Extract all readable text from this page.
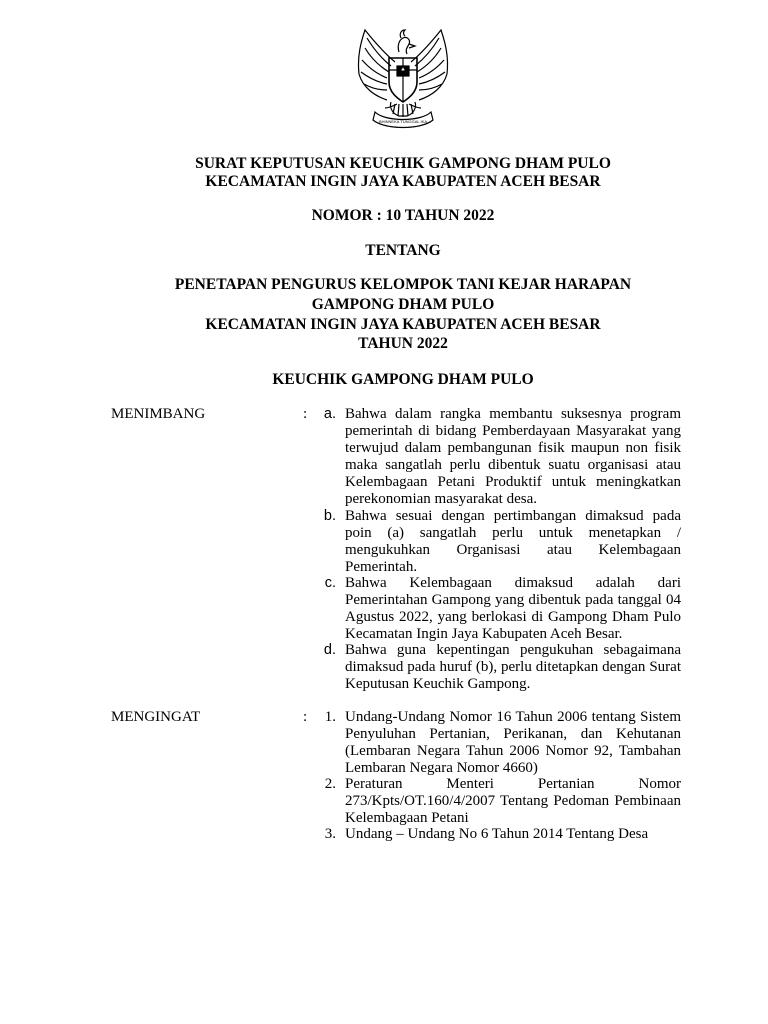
BHINNEKA TUNGGAL IKA
SURAT KEPUTUSAN KEUCHIK GAMPONG DHAM PULO
KECAMATAN INGIN JAYA KABUPATEN ACEH BESAR
NOMOR : 10 TAHUN 2022
TENTANG
PENETAPAN PENGURUS KELOMPOK TANI KEJAR HARAPAN
GAMPONG DHAM PULO
KECAMATAN INGIN JAYA KABUPATEN ACEH BESAR
TAHUN 2022
KEUCHIK GAMPONG DHAM PULO
MENIMBANG	: a. Bahwa dalam rangka membantu suksesnya program pemerintah di bidang Pemberdayaan Masyarakat yang terwujud dalam pembangunan fisik maupun non fisik maka sangatlah perlu dibentuk suatu organisasi atau Kelembagaan Petani Produktif untuk meningkatkan perekonomian masyarakat desa.
b. Bahwa sesuai dengan pertimbangan dimaksud pada poin (a) sangatlah perlu untuk menetapkan / mengukuhkan Organisasi atau Kelembagaan Pemerintah.
c. Bahwa Kelembagaan dimaksud adalah dari Pemerintahan Gampong yang dibentuk pada tanggal 04 Agustus 2022, yang berlokasi di Gampong Dham Pulo Kecamatan Ingin Jaya Kabupaten Aceh Besar.
d. Bahwa guna kepentingan pengukuhan sebagaimana dimaksud pada huruf (b), perlu ditetapkan dengan Surat Keputusan Keuchik Gampong.
MENGINGAT	:	1. Undang-Undang Nomor 16 Tahun 2006 tentang Sistem Penyuluhan Pertanian, Perikanan, dan Kehutanan (Lembaran Negara Tahun 2006 Nomor 92, Tambahan Lembaran Negara Nomor 4660)
2. Peraturan Menteri Pertanian Nomor 273/Kpts/OT.160/4/2007 Tentang Pedoman Pembinaan Kelembagaan Petani
3. Undang – Undang No 6 Tahun 2014 Tentang Desa
